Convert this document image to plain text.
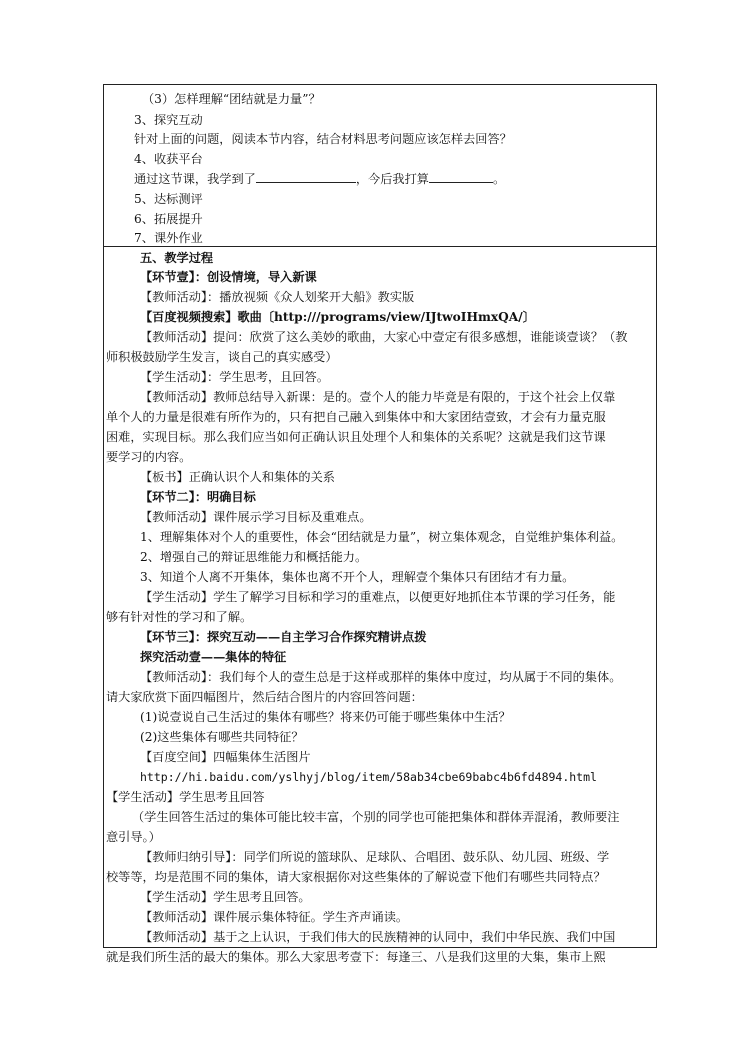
（3）怎样理解“团结就是力量”？
3、探究互动
针对上面的问题，阅读本节内容，结合材料思考问题应该怎样去回答？
4、收获平台
通过这节课，我学到了	，今后我打算	。
5、达标测评
6、拓展提升
7、课外作业
五、教学过程
【环节壹】：创设情境，导入新课
【教师活动】：播放视频《众人划桨开大船》教实版
【百度视频搜索】歌曲〔http:///programs/view/IJtwoIHmxQA/〕
【教师活动】提问：欣赏了这么美妙的歌曲，大家心中壹定有很多感想，谁能谈壹谈？（教
师积极鼓励学生发言，谈自己的真实感受）
【学生活动】：学生思考，且回答。
【教师活动】教师总结导入新课：是的。壹个人的能力毕竟是有限的，于这个社会上仅靠
单个人的力量是很难有所作为的，只有把自己融入到集体中和大家团结壹致，才会有力量克服
困难，实现目标。那么我们应当如何正确认识且处理个人和集体的关系呢？这就是我们这节课
要学习的内容。
【板书】正确认识个人和集体的关系
【环节二】：明确目标
【教师活动】课件展示学习目标及重难点。
1、理解集体对个人的重要性，体会“团结就是力量”，树立集体观念，自觉维护集体利益。
2、增强自己的辩证思维能力和概括能力。
3、知道个人离不开集体，集体也离不开个人，理解壹个集体只有团结才有力量。
【学生活动】学生了解学习目标和学习的重难点，以便更好地抓住本节课的学习任务，能
够有针对性的学习和了解。
【环节三】：探究互动——自主学习合作探究精讲点拨
探究活动壹——集体的特征
【教师活动】：我们每个人的壹生总是于这样或那样的集体中度过，均从属于不同的集体。
请大家欣赏下面四幅图片，然后结合图片的内容回答问题：
(1)说壹说自己生活过的集体有哪些？将来仍可能于哪些集体中生活？
(2)这些集体有哪些共同特征？
【百度空间】四幅集体生活图片
http://hi.baidu.com/yslhyj/blog/item/58ab34cbe69babc4b6fd4894.html
【学生活动】学生思考且回答
（学生回答生活过的集体可能比较丰富，个别的同学也可能把集体和群体弄混淆，教师要注
意引导。）
【教师归纳引导】：同学们所说的篮球队、足球队、合唱团、鼓乐队、幼儿园、班级、学
校等等，均是范围不同的集体，请大家根据你对这些集体的了解说壹下他们有哪些共同特点？
【学生活动】学生思考且回答。
【教师活动】课件展示集体特征。学生齐声诵读。
【教师活动】基于之上认识，于我们伟大的民族精神的认同中，我们中华民族、我们中国
就是我们所生活的最大的集体。那么大家思考壹下：每逢三、八是我们这里的大集，集市上熙
